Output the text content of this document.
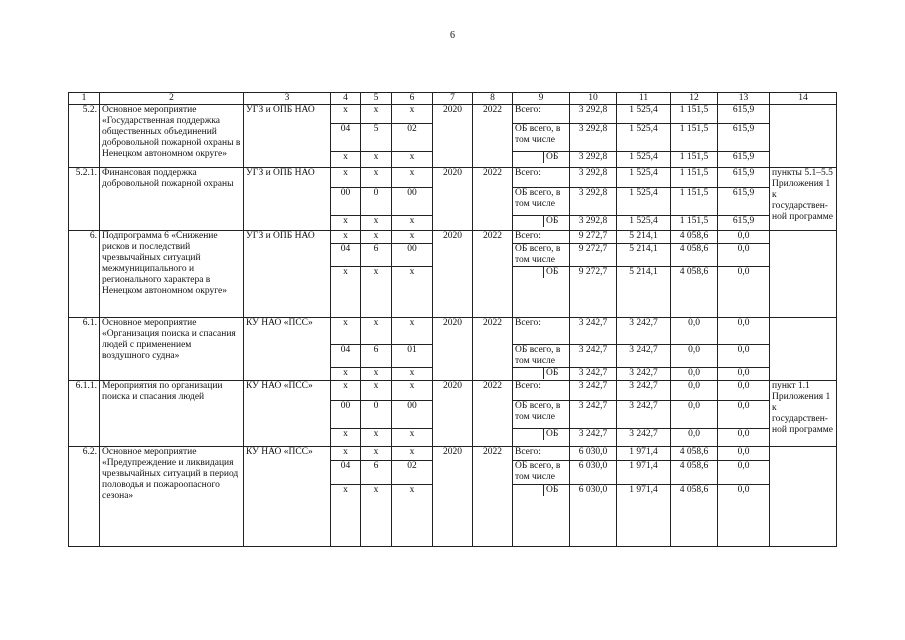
6
1	2	3	4	5	6	7	8	9	10	11	12	13	14
5.2.	Основное мероприятие «Государственная поддержка общественных объединений добровольной пожарной охраны в Ненецком автономном округе»	УГЗ и ОПБ НАО	x	x	x	2020	2022	Всего:	3 292,8	1 525,4	1 151,5	615,9	
			04	5	02			ОБ всего, в том числе	3 292,8	1 525,4	1 151,5	615,9	
			x	x	x			ОБ	3 292,8	1 525,4	1 151,5	615,9	
5.2.1.	Финансовая поддержка добровольной пожарной охраны	УГЗ и ОПБ НАО	x	x	x	2020	2022	Всего:	3 292,8	1 525,4	1 151,5	615,9	пункты 5.1–5.5 Приложения 1 к государствен-ной программе
			00	0	00			ОБ всего, в том числе	3 292,8	1 525,4	1 151,5	615,9	
			x	x	x			ОБ	3 292,8	1 525,4	1 151,5	615,9	
6.	Подпрограмма 6 «Снижение рисков и последствий чрезвычайных ситуаций межмуниципального и регионального характера в Ненецком автономном округе»	УГЗ и ОПБ НАО	x	x	x	2020	2022	Всего:	9 272,7	5 214,1	4 058,6	0,0	
			04	6	00			ОБ всего, в том числе	9 272,7	5 214,1	4 058,6	0,0	
			x	x	x			ОБ	9 272,7	5 214,1	4 058,6	0,0	
6.1.	Основное мероприятие «Организация поиска и спасания людей с применением воздушного судна»	КУ НАО «ПСС»	x	x	x	2020	2022	Всего:	3 242,7	3 242,7	0,0	0,0	
			04	6	01			ОБ всего, в том числе	3 242,7	3 242,7	0,0	0,0	
			x	x	x			ОБ	3 242,7	3 242,7	0,0	0,0	
6.1.1.	Мероприятия по организации поиска и спасания людей	КУ НАО «ПСС»	x	x	x	2020	2022	Всего:	3 242,7	3 242,7	0,0	0,0	пункт 1.1 Приложения 1 к государствен-ной программе
			00	0	00			ОБ всего, в том числе	3 242,7	3 242,7	0,0	0,0	
			x	x	x			ОБ	3 242,7	3 242,7	0,0	0,0	
6.2.	Основное мероприятие «Предупреждение и ликвидация чрезвычайных ситуаций в период половодья и пожароопасного сезона»	КУ НАО «ПСС»	x	x	x	2020	2022	Всего:	6 030,0	1 971,4	4 058,6	0,0	
			04	6	02			ОБ всего, в том числе	6 030,0	1 971,4	4 058,6	0,0	
			x	x	x			ОБ	6 030,0	1 971,4	4 058,6	0,0	
